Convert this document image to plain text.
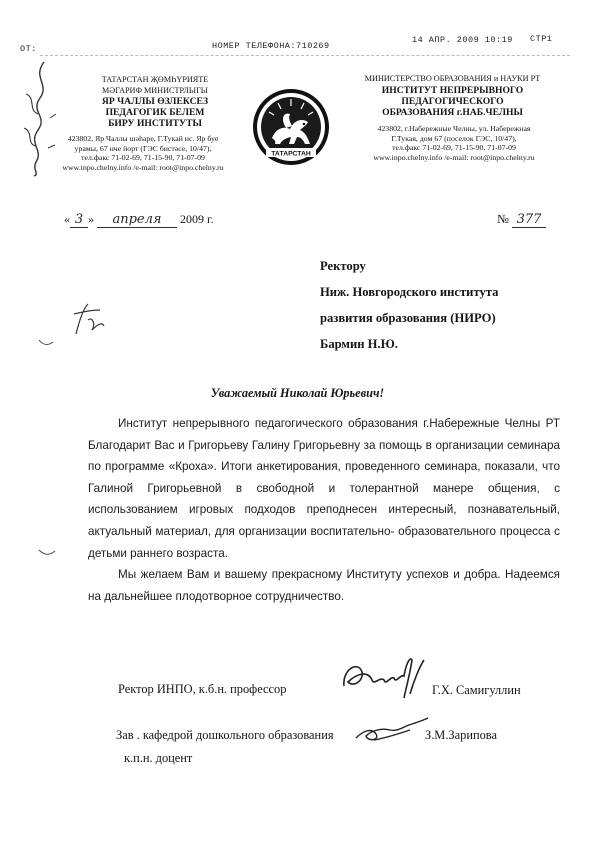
OT:	НОМЕР ТЕЛЕФОНА:710269
14 АПР. 2009 10:19 СТР1
ТАТАРСТАН ҖӨМҺҮРИЯТЕ
МӘГАРИФ МИНИСТРЛЫГЫ
ЯР ЧАЛЛЫ ӨЗЛЕКСЕЗ
ПЕДАГОГИК БЕЛЕМ
БИРУ ИНСТИТУТЫ
423802, Яр Чаллы шәһәре, Г.Тукай ис. Яр буе
урамы, 67 нче йорт (ГЭС бистәсе, 10/47),
тел.факс 71-02-69, 71-15-90, 71-07-09
www.inpo.chelny.info /e-mail: root@inpo.chelny.ru
ТАТАРСТАН
МИНИСТЕРСТВО ОБРАЗОВАНИЯ и НАУКИ РТ
ИНСТИТУТ НЕПРЕРЫВНОГО
ПЕДАГОГИЧЕСКОГО
ОБРАЗОВАНИЯ г.НАБ.ЧЕЛНЫ
423802, г.Набережные Челны, ул. Набережная
Г.Тукая, дом 67 (поселок ГЭС, 10/47),
тел.факс 71-02-69, 71-15-90, 71-07-09
www.inpo.chelny.info /e-mail: root@inpo.chelny.ru
« 3 » апреля 2009 г.	№ 377
Ректору
Ниж. Новгородского института
развития образования (НИРО)
Бармин Н.Ю.
Уважаемый Николай Юрьевич!

Институт непрерывного педагогического образования г.Набережные Челны РТ Благодарит Вас и Григорьеву Галину Григорьевну за помощь в организации семинара по программе «Кроха». Итоги анкетирования, проведенного семинара, показали, что Галиной Григорьевной в свободной и толерантной манере общения, с использованием игровых подходов преподнесен интересный, познавательный, актуальный материал, для организации воспитательно- образовательного процесса с детьми раннего возраста.

Мы желаем Вам и вашему прекрасному Институту успехов и добра. Надеемся на дальнейшее плодотворное сотрудничество.

Ректор ИНПО, к.б.н. профессор	Г.Х. Самигуллин
Зав . кафедрой дошкольного образования
к.п.н. доцент
З.М.Зарипова
